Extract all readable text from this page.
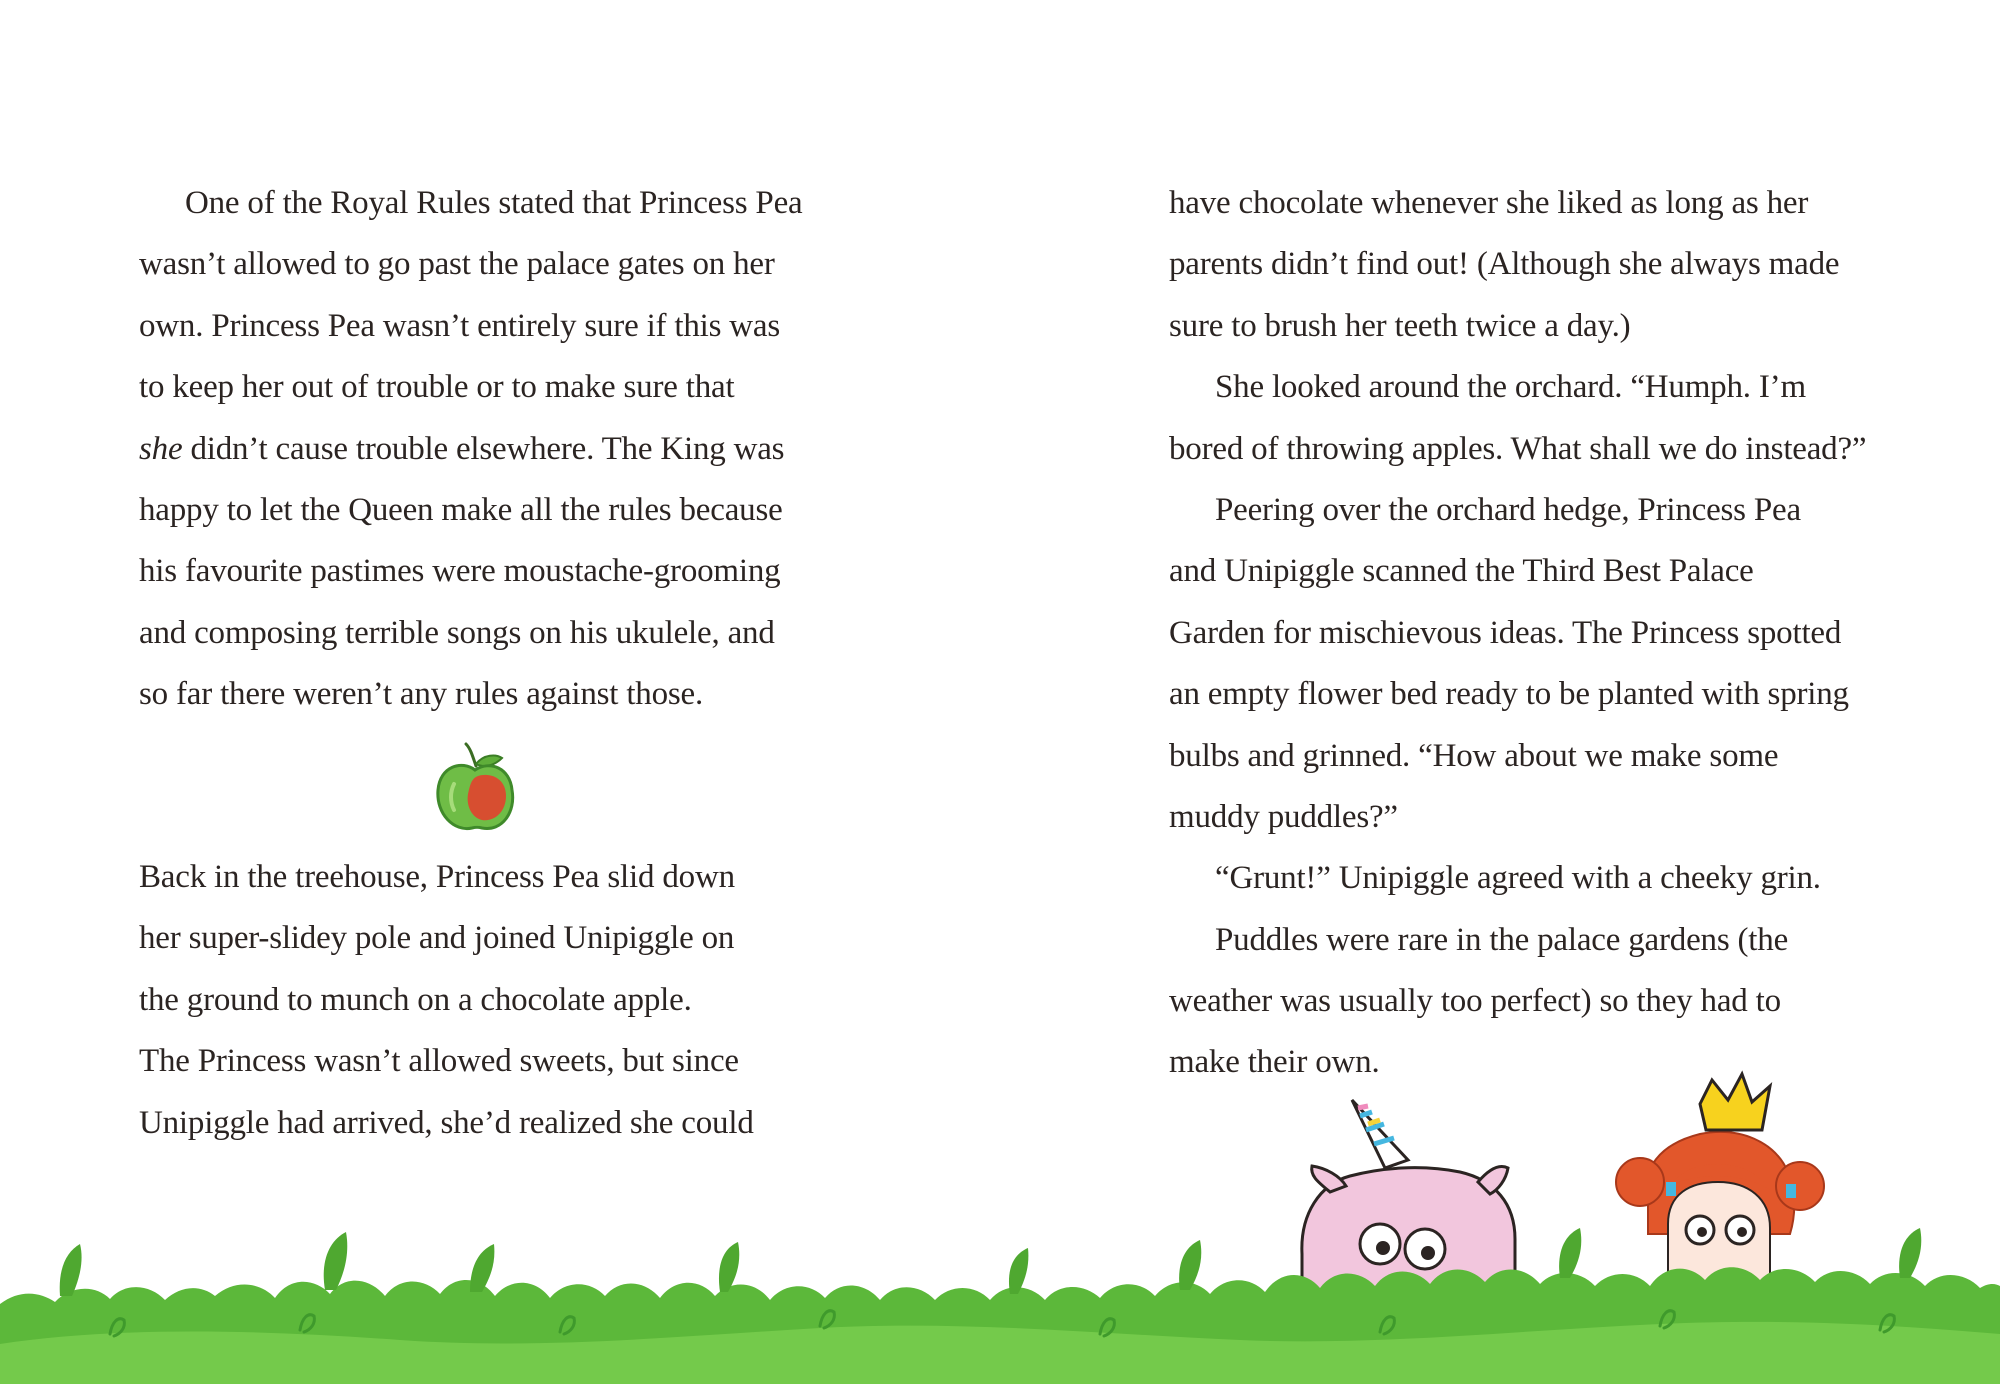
One of the Royal Rules stated that Princess Pea
wasn’t allowed to go past the palace gates on her
own. Princess Pea wasn’t entirely sure if this was
to keep her out of trouble or to make sure that
she didn’t cause trouble elsewhere. The King was
happy to let the Queen make all the rules because
his favourite pastimes were moustache-grooming
and composing terrible songs on his ukulele, and
so far there weren’t any rules against those.
Back in the treehouse, Princess Pea slid down
her super-slidey pole and joined Unipiggle on
the ground to munch on a chocolate apple.
The Princess wasn’t allowed sweets, but since
Unipiggle had arrived, she’d realized she could
have chocolate whenever she liked as long as her
parents didn’t find out! (Although she always made
sure to brush her teeth twice a day.)
She looked around the orchard. “Humph. I’m
bored of throwing apples. What shall we do instead?”
Peering over the orchard hedge, Princess Pea
and Unipiggle scanned the Third Best Palace
Garden for mischievous ideas. The Princess spotted
an empty flower bed ready to be planted with spring
bulbs and grinned. “How about we make some
muddy puddles?”
“Grunt!” Unipiggle agreed with a cheeky grin.
Puddles were rare in the palace gardens (the
weather was usually too perfect) so they had to
make their own.
